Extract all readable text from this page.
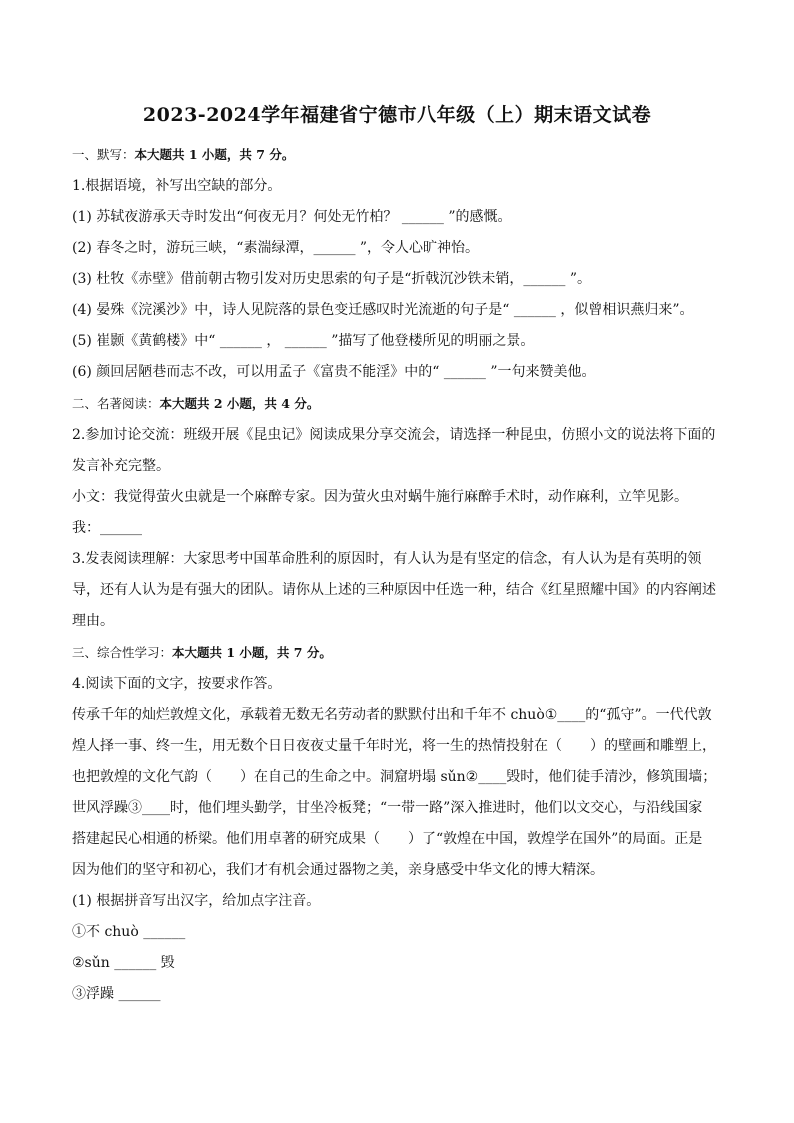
2023-2024学年福建省宁德市八年级（上）期末语文试卷
一、默写：本大题共 1 小题，共 7 分。
1.根据语境，补写出空缺的部分。
(1) 苏轼夜游承天寺时发出“何夜无月？何处无竹柏？ ______ ”的感慨。
(2) 春冬之时，游玩三峡，“素湍绿潭，______ ”，令人心旷神怡。
(3) 杜牧《赤壁》借前朝古物引发对历史思索的句子是“折戟沉沙铁未销，______ ”。
(4) 晏殊《浣溪沙》中，诗人见院落的景色变迁感叹时光流逝的句子是“ ______ ，似曾相识燕归来”。
(5) 崔颢《黄鹤楼》中“ ______ ， ______ ”描写了他登楼所见的明丽之景。
(6) 颜回居陋巷而志不改，可以用孟子《富贵不能淫》中的“ ______ ”一句来赞美他。
二、名著阅读：本大题共 2 小题，共 4 分。
2.参加讨论交流：班级开展《昆虫记》阅读成果分享交流会，请选择一种昆虫，仿照小文的说法将下面的
发言补充完整。
小文：我觉得萤火虫就是一个麻醉专家。因为萤火虫对蜗牛施行麻醉手术时，动作麻利，立竿见影。
我：______
3.发表阅读理解：大家思考中国革命胜利的原因时，有人认为是有坚定的信念，有人认为是有英明的领
导，还有人认为是有强大的团队。请你从上述的三种原因中任选一种，结合《红星照耀中国》的内容阐述
理由。
三、综合性学习：本大题共 1 小题，共 7 分。
4.阅读下面的文字，按要求作答。
传承千年的灿烂敦煌文化，承载着无数无名劳动者的默默付出和千年不 chuò①____的“孤守”。一代代敦
煌人择一事、终一生，用无数个日日夜夜丈量千年时光，将一生的热情投射在（　　）的壁画和雕塑上，
也把敦煌的文化气韵（　　）在自己的生命之中。洞窟坍塌 sǔn②____毁时，他们徒手清沙，修筑围墙；
世风浮躁③____时，他们埋头勤学，甘坐冷板凳；“一带一路”深入推进时，他们以文交心，与沿线国家
搭建起民心相通的桥梁。他们用卓著的研究成果（　　）了“敦煌在中国，敦煌学在国外”的局面。正是
因为他们的坚守和初心，我们才有机会通过器物之美，亲身感受中华文化的博大精深。
(1) 根据拼音写出汉字，给加点字注音。
①不 chuò ______
②sǔn ______ 毁
③浮躁 ______
